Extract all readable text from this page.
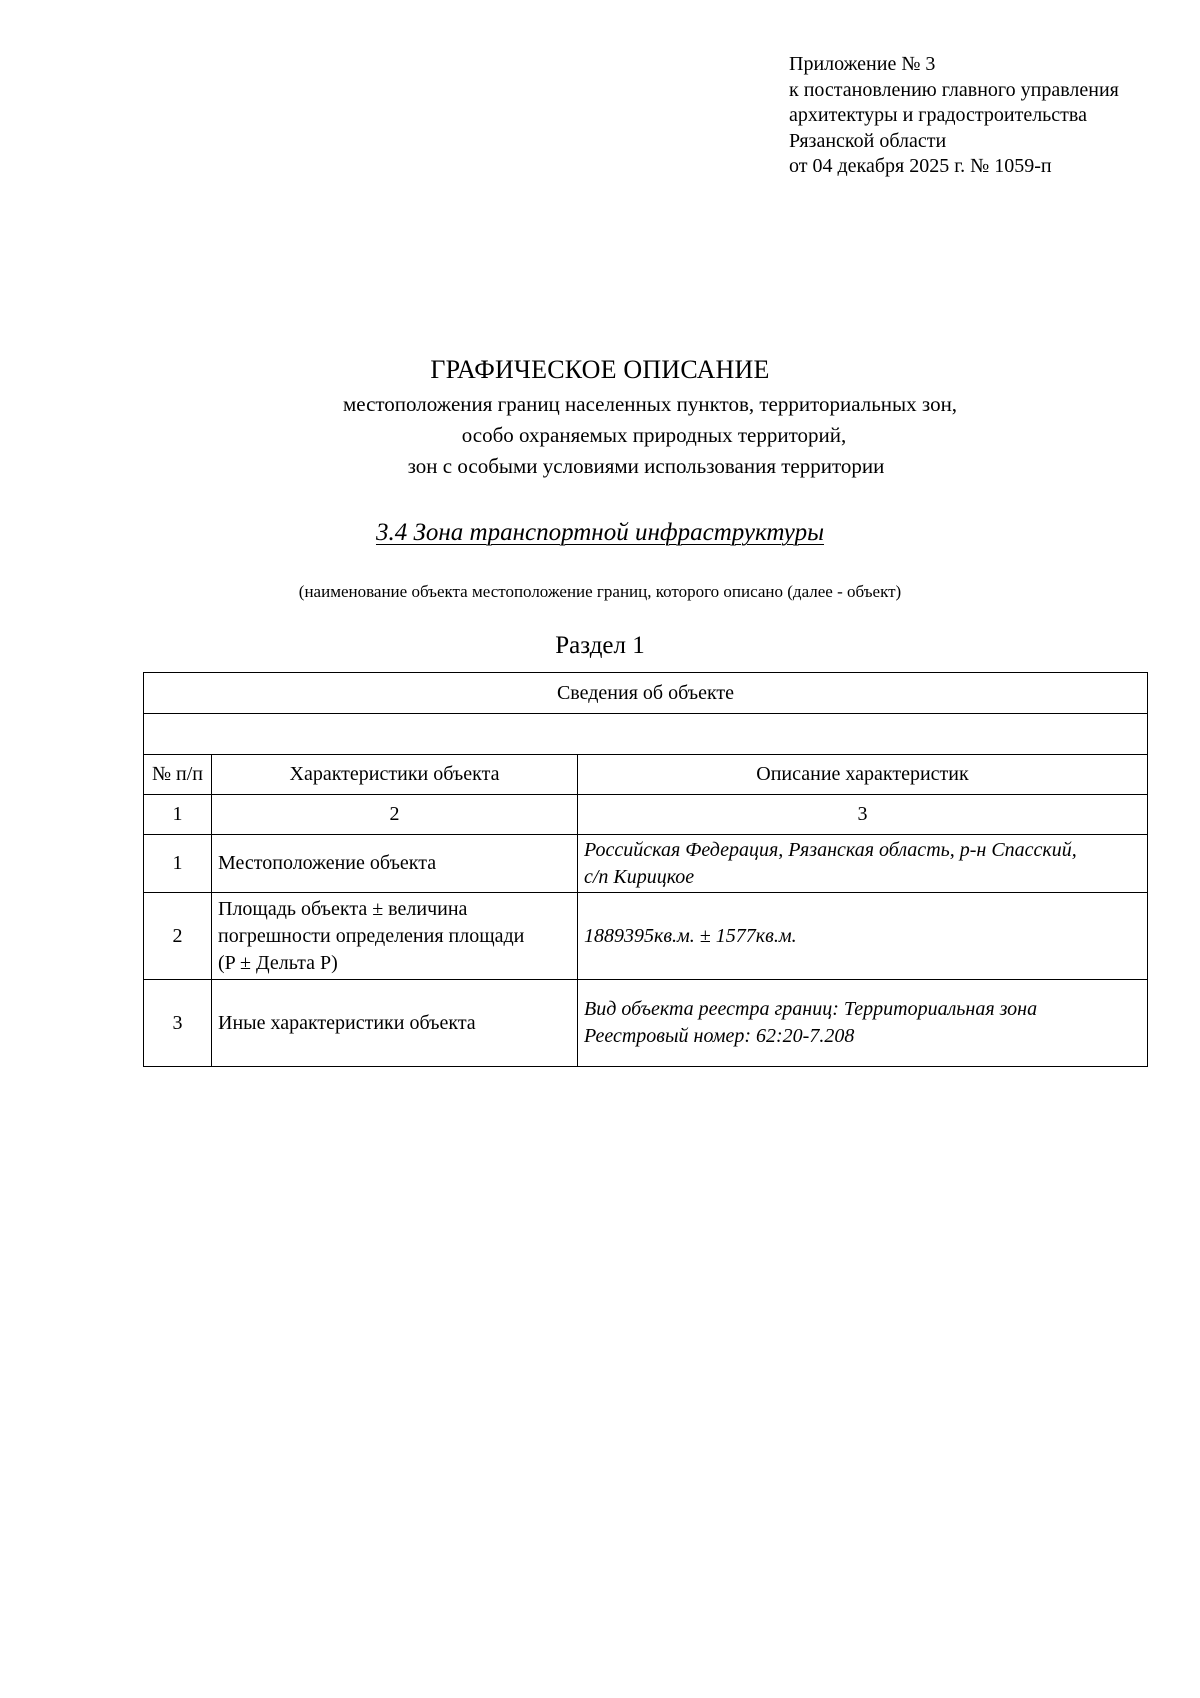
Приложение № 3
к постановлению главного управления
архитектуры и градостроительства
Рязанской области
от 04 декабря 2025 г. № 1059-п
ГРАФИЧЕСКОЕ ОПИСАНИЕ
местоположения границ населенных пунктов, территориальных зон,
особо охраняемых природных территорий,
зон с особыми условиями использования территории
3.4 Зона транспортной инфраструктуры
(наименование объекта местоположение границ, которого описано (далее - объект)
Раздел 1
Сведения об объекте		

№ п/п	Характеристики объекта	Описание характеристик
1	2	3
1	Местоположение объекта	Российская Федерация, Рязанская область, р-н Спасский,
с/п Кирицкое

2	Площадь объекта ± величина
погрешности определения площади
(P ± Дельта P)	1889395кв.м. ± 1577кв.м.

3	Иные характеристики объекта	Вид объекта реестра границ: Территориальная зона
Реестровый номер: 62:20-7.208
